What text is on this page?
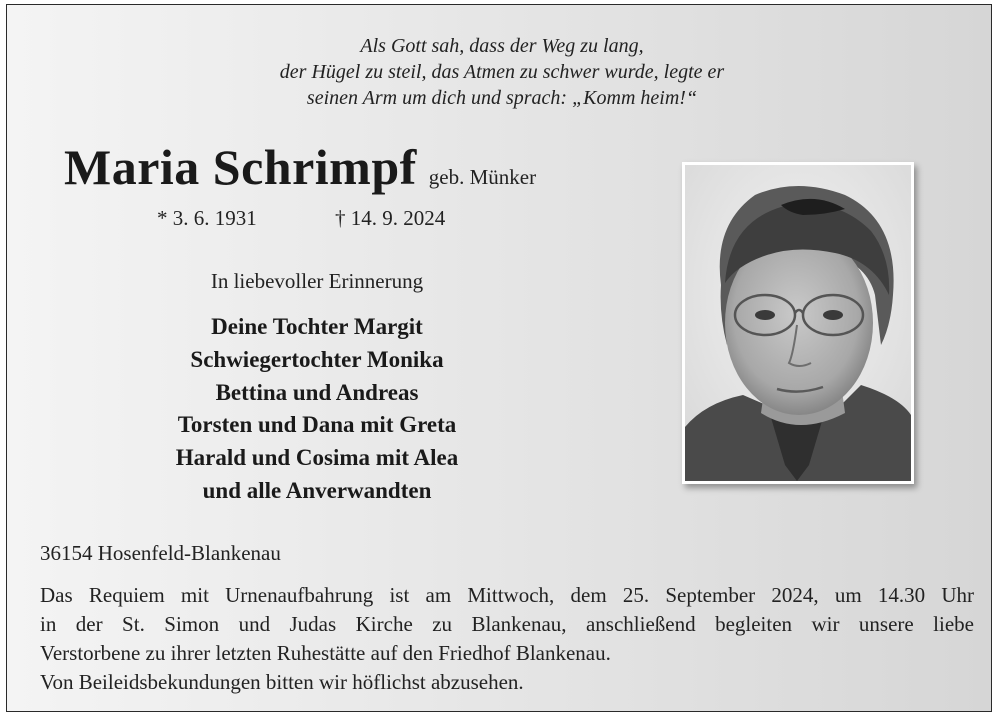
Als Gott sah, dass der Weg zu lang,
der Hügel zu steil, das Atmen zu schwer wurde, legte er
seinen Arm um dich und sprach: „Komm heim!“
Maria Schrimpf geb. Münker
* 3. 6. 1931	† 14. 9. 2024
In liebevoller Erinnerung
Deine Tochter Margit
Schwiegertochter Monika
Bettina und Andreas
Torsten und Dana mit Greta
Harald und Cosima mit Alea
und alle Anverwandten
36154 Hosenfeld-Blankenau
Das Requiem mit Urnenaufbahrung ist am Mittwoch, dem 25. September 2024, um 14.30 Uhr
in der St. Simon und Judas Kirche zu Blankenau, anschließend begleiten wir unsere liebe
Verstorbene zu ihrer letzten Ruhestätte auf den Friedhof Blankenau.
Von Beileidsbekundungen bitten wir höflichst abzusehen.
